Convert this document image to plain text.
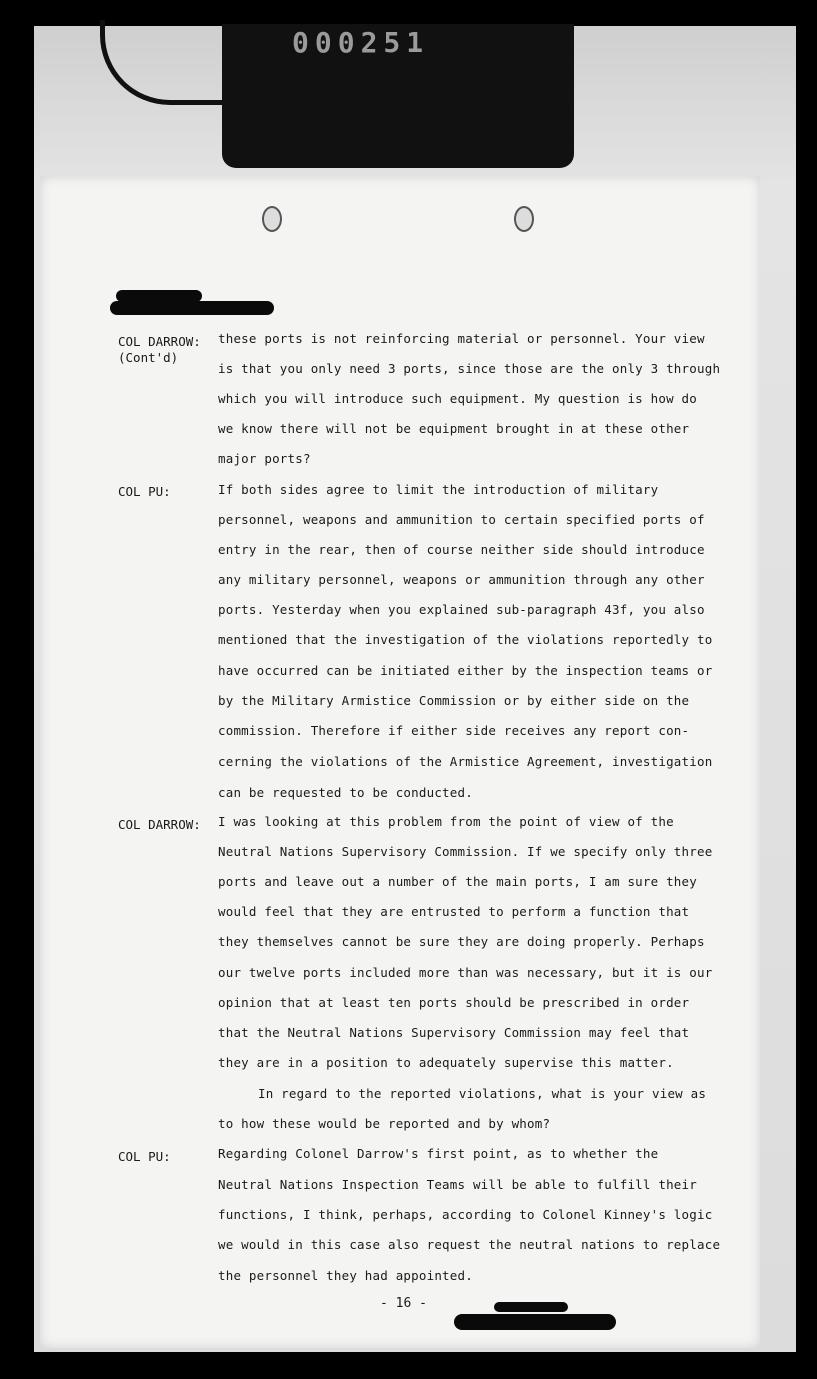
000251
COL DARROW:
(Cont'd)
these ports is not reinforcing material or personnel. Your view
is that you only need 3 ports, since those are the only 3 through
which you will introduce such equipment. My question is how do
we know there will not be equipment brought in at these other
major ports?
COL PU:	If both sides agree to limit the introduction of military
personnel, weapons and ammunition to certain specified ports of
entry in the rear, then of course neither side should introduce
any military personnel, weapons or ammunition through any other
ports. Yesterday when you explained sub-paragraph 43f, you also
mentioned that the investigation of the violations reportedly to
have occurred can be initiated either by the inspection teams or
by the Military Armistice Commission or by either side on the
commission. Therefore if either side receives any report con-
cerning the violations of the Armistice Agreement, investigation
can be requested to be conducted.
COL DARROW: I was looking at this problem from the point of view of the
Neutral Nations Supervisory Commission. If we specify only three
ports and leave out a number of the main ports, I am sure they
would feel that they are entrusted to perform a function that
they themselves cannot be sure they are doing properly. Perhaps
our twelve ports included more than was necessary, but it is our
opinion that at least ten ports should be prescribed in order
that the Neutral Nations Supervisory Commission may feel that
they are in a position to adequately supervise this matter.
In regard to the reported violations, what is your view as
to how these would be reported and by whom?
COL PU:	Regarding Colonel Darrow's first point, as to whether the
Neutral Nations Inspection Teams will be able to fulfill their
functions, I think, perhaps, according to Colonel Kinney's logic
we would in this case also request the neutral nations to replace
the personnel they had appointed.
- 16 -
